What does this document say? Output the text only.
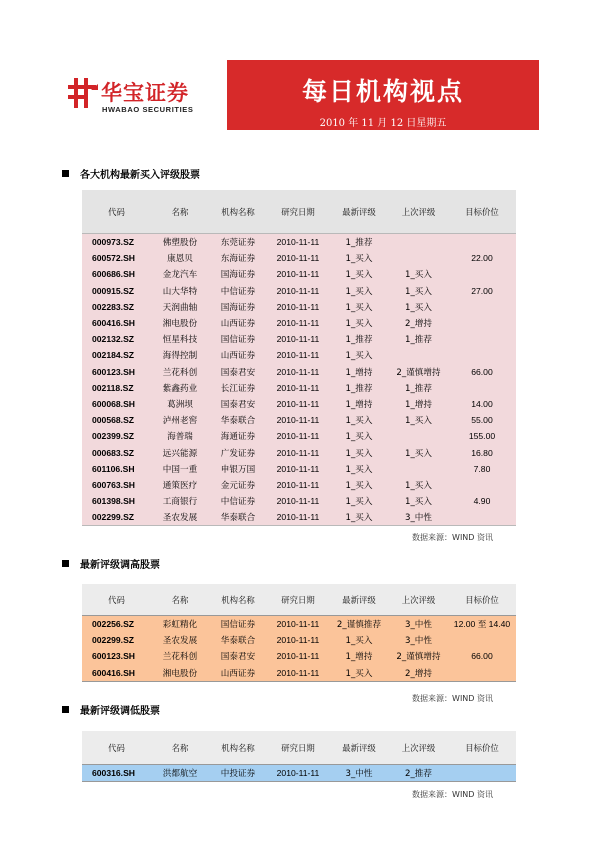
华宝证券
HWABAO SECURITIES
每日机构视点
2010 年 11 月 12 日星期五
各大机构最新买入评级股票
代码	名称	机构名称	研究日期	最新评级	上次评级	目标价位
000973.SZ	佛塑股份	东莞证券	2010-11-11	1_推荐		
600572.SH	康恩贝	东海证券	2010-11-11	1_买入		22.00
600686.SH	金龙汽车	国海证券	2010-11-11	1_买入	1_买入	
000915.SZ	山大华特	中信证券	2010-11-11	1_买入	1_买入	27.00
002283.SZ	天润曲轴	国海证券	2010-11-11	1_买入	1_买入	
600416.SH	湘电股份	山西证券	2010-11-11	1_买入	2_增持	
002132.SZ	恒星科技	国信证券	2010-11-11	1_推荐	1_推荐	
002184.SZ	海得控制	山西证券	2010-11-11	1_买入		
600123.SH	兰花科创	国泰君安	2010-11-11	1_增持	2_谨慎增持	66.00
002118.SZ	紫鑫药业	长江证券	2010-11-11	1_推荐	1_推荐	
600068.SH	葛洲坝	国泰君安	2010-11-11	1_增持	1_增持	14.00
000568.SZ	泸州老窖	华泰联合	2010-11-11	1_买入	1_买入	55.00
002399.SZ	海普瑞	海通证券	2010-11-11	1_买入		155.00
000683.SZ	远兴能源	广发证券	2010-11-11	1_买入	1_买入	16.80
601106.SH	中国一重	申银万国	2010-11-11	1_买入		7.80
600763.SH	通策医疗	金元证券	2010-11-11	1_买入	1_买入	
601398.SH	工商银行	中信证券	2010-11-11	1_买入	1_买入	4.90
002299.SZ	圣农发展	华泰联合	2010-11-11	1_买入	3_中性	
数据来源：WIND 资讯
最新评级调高股票
代码	名称	机构名称	研究日期	最新评级	上次评级	目标价位
002256.SZ	彩虹精化	国信证券	2010-11-11	2_谨慎推荐	3_中性	12.00 至 14.40
002299.SZ	圣农发展	华泰联合	2010-11-11	1_买入	3_中性	
600123.SH	兰花科创	国泰君安	2010-11-11	1_增持	2_谨慎增持	66.00
600416.SH	湘电股份	山西证券	2010-11-11	1_买入	2_增持	
数据来源：WIND 资讯
最新评级调低股票
代码	名称	机构名称	研究日期	最新评级	上次评级	目标价位
600316.SH	洪都航空	中投证券	2010-11-11	3_中性	2_推荐	
数据来源：WIND 资讯
